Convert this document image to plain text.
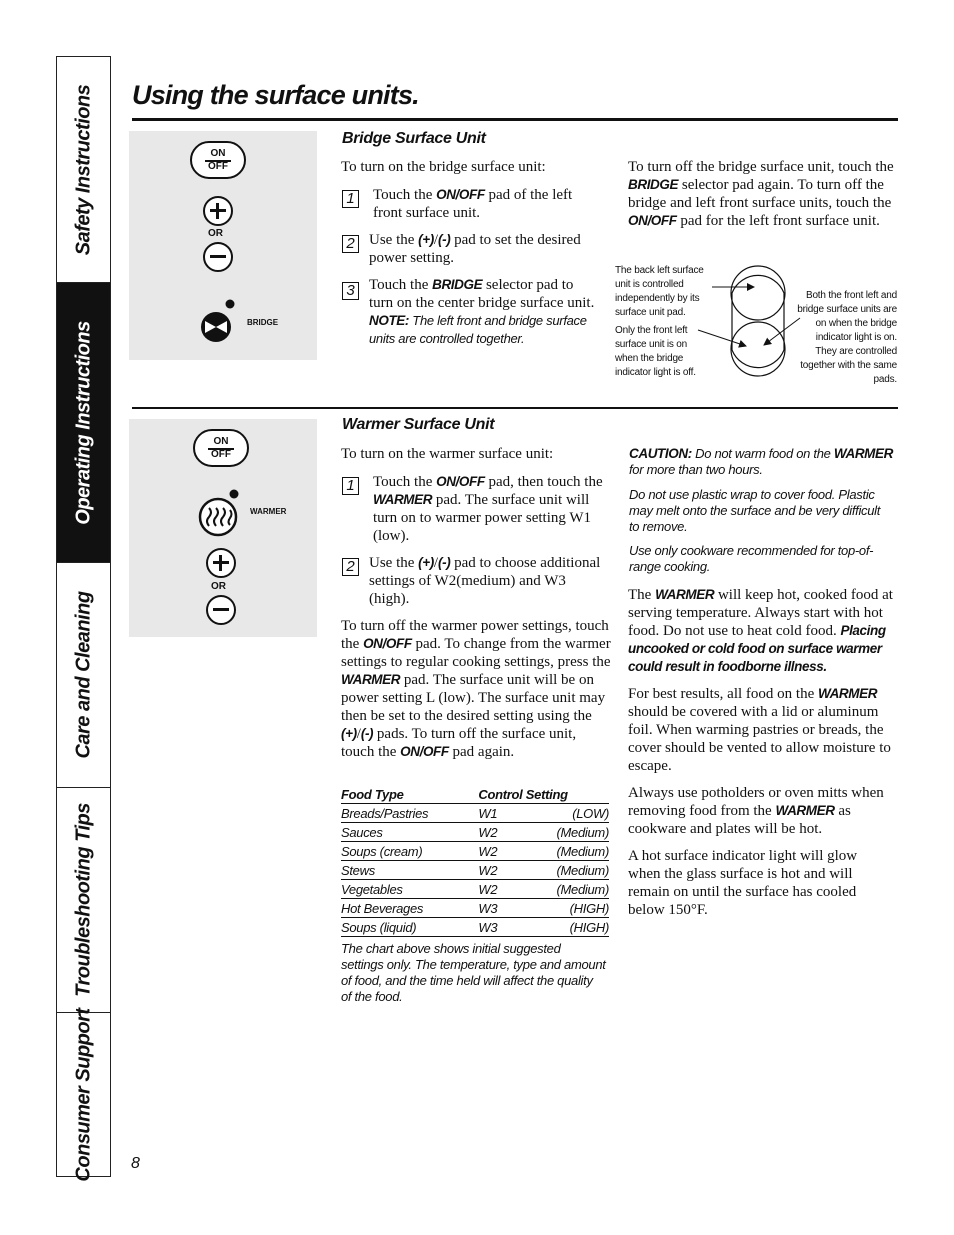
Safety Instructions
Operating Instructions
Care and Cleaning
Troubleshooting Tips
Consumer Support
Using the surface units.
ON
OFF
OR
BRIDGE
Bridge Surface Unit
To turn on the bridge surface unit:
1 Touch the ON/OFF pad of the left front surface unit.
2 Use the (+)/(-) pad to set the desired power setting.
3 Touch the BRIDGE selector pad to turn on the center bridge surface unit. NOTE: The left front and bridge surface units are controlled together.
To turn off the bridge surface unit, touch the BRIDGE selector pad again. To turn off the bridge and left front surface units, touch the ON/OFF pad for the left front surface unit.
The back left surface unit is controlled independently by its surface unit pad.
Only the front left surface unit is on when the bridge indicator light is off.
Both the front left and bridge surface units are on when the bridge indicator light is on. They are controlled together with the same pads.
ON
OFF
WARMER
OR
Warmer Surface Unit
To turn on the warmer surface unit:
1 Touch the ON/OFF pad, then touch the WARMER pad. The surface unit will turn on to warmer power setting W1 (low).
2 Use the (+)/(-) pad to choose additional settings of W2(medium) and W3 (high).
To turn off the warmer power settings, touch the ON/OFF pad. To change from the warmer settings to regular cooking settings, press the WARMER pad. The surface unit will be on power setting L (low). The surface unit may then be set to the desired setting using the (+)/(-) pads. To turn off the surface unit, touch the ON/OFF pad again.
Food Type	Control Setting	
Breads/Pastries	W1	(LOW)
Sauces	W2	(Medium)
Soups (cream)	W2	(Medium)
Stews	W2	(Medium)
Vegetables	W2	(Medium)
Hot Beverages	W3	(HIGH)
Soups (liquid)	W3	(HIGH)
The chart above shows initial suggested settings only. The temperature, type and amount of food, and the time held will affect the quality of the food.
CAUTION: Do not warm food on the WARMER for more than two hours.
Do not use plastic wrap to cover food. Plastic may melt onto the surface and be very difficult to remove.
Use only cookware recommended for top-of-range cooking.
The WARMER will keep hot, cooked food at serving temperature. Always start with hot food. Do not use to heat cold food. Placing uncooked or cold food on surface warmer could result in foodborne illness.
For best results, all food on the WARMER should be covered with a lid or aluminum foil. When warming pastries or breads, the cover should be vented to allow moisture to escape.
Always use potholders or oven mitts when removing food from the WARMER as cookware and plates will be hot.
A hot surface indicator light will glow when the glass surface is hot and will remain on until the surface has cooled below 150°F.
8
